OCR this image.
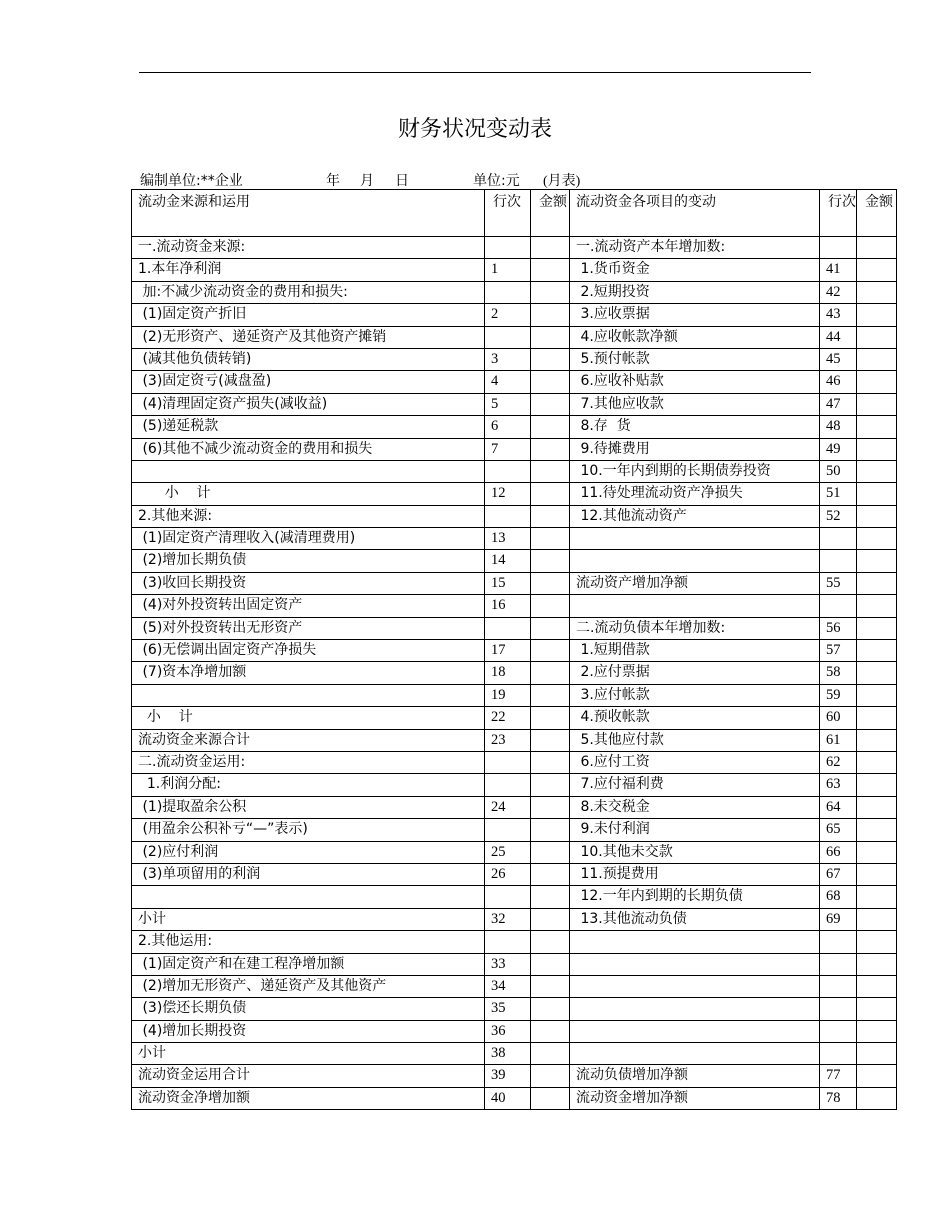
财务状况变动表
编制单位:**企业	年 月 日	单位:元 (月表)
流动金来源和运用	行次	金额	流动资金各项目的变动	行次	金额
一.流动资金来源:			一.流动资产本年增加数:		
1.本年净利润	1		1.货币资金	41	
加:不减少流动资金的费用和损失:			2.短期投资	42	
(1)固定资产折旧	2		3.应收票据	43	
(2)无形资产、递延资产及其他资产摊销			4.应收帐款净额	44	
(减其他负债转销)	3		5.预付帐款	45	
(3)固定资亏(减盘盈)	4		6.应收补贴款	46	
(4)清理固定资产损失(减收益)	5		7.其他应收款	47	
(5)递延税款	6		8.存  货	48	
(6)其他不减少流动资金的费用和损失	7		9.待摊费用	49	
			10.一年内到期的长期债券投资	50	
小    计	12		11.待处理流动资产净损失	51	
2.其他来源:			12.其他流动资产	52	
(1)固定资产清理收入(减清理费用)	13				
(2)增加长期负债	14				
(3)收回长期投资	15		流动资产增加净额	55	
(4)对外投资转出固定资产	16				
(5)对外投资转出无形资产			二.流动负债本年增加数:	56	
(6)无偿调出固定资产净损失	17		1.短期借款	57	
(7)资本净增加额	18		2.应付票据	58	
	19		3.应付帐款	59	
小    计	22		4.预收帐款	60	
流动资金来源合计	23		5.其他应付款	61	
二.流动资金运用:			6.应付工资	62	
1.利润分配:			7.应付福利费	63	
(1)提取盈余公积	24		8.未交税金	64	
(用盈余公积补亏“—”表示)			9.未付利润	65	
(2)应付利润	25		10.其他未交款	66	
(3)单项留用的利润	26		11.预提费用	67	
			12.一年内到期的长期负债	68	
小计	32		13.其他流动负债	69	
2.其他运用:					
(1)固定资产和在建工程净增加额	33				
(2)增加无形资产、递延资产及其他资产	34				
(3)偿还长期负债	35				
(4)增加长期投资	36				
小计	38				
流动资金运用合计	39		流动负债增加净额	77	
流动资金净增加额	40		流动资金增加净额	78	
